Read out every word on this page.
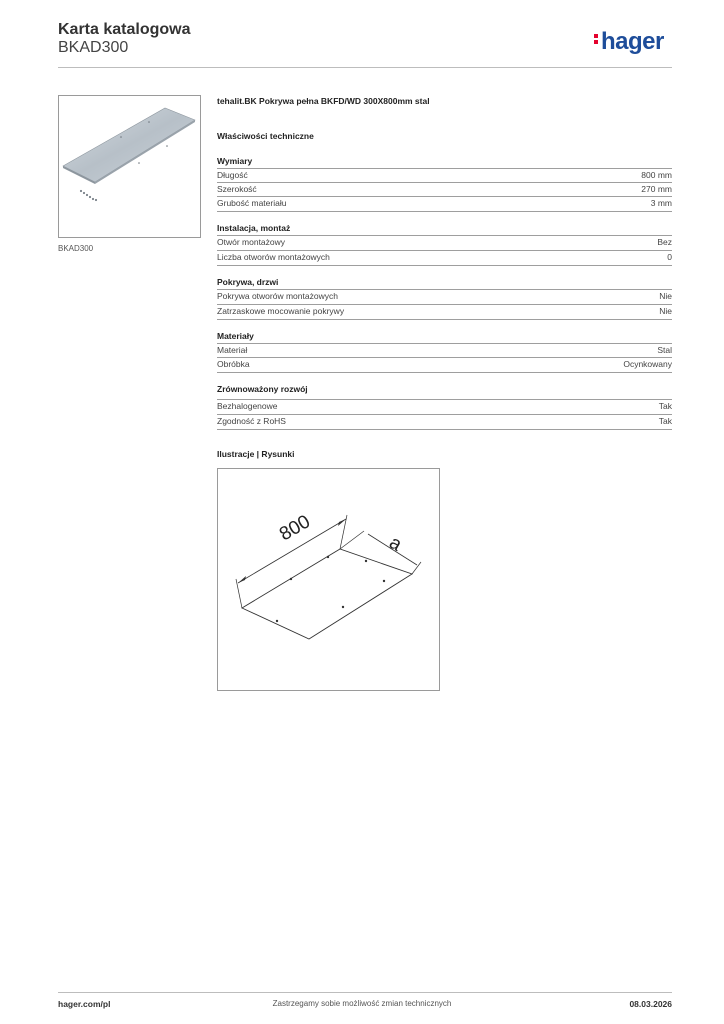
Karta katalogowa
BKAD300	hager
BKAD300
tehalit.BK Pokrywa pełna BKFD/WD 300X800mm stal
Właściwości techniczne
Wymiary
Długość	800 mm
Szerokość	270 mm
Grubość materiału	3 mm
Instalacja, montaż
Otwór montażowy	Bez
Liczba otworów montażowych	0
Pokrywa, drzwi
Pokrywa otworów montażowych	Nie
Zatrzaskowe mocowanie pokrywy	Nie
Materiały
Materiał	Stal
Obróbka	Ocynkowany
Zrównoważony rozwój
Bezhalogenowe	Tak
Zgodność z RoHS	Tak
Ilustracje | Rysunki
800	a
hager.com/pl	Zastrzegamy sobie możliwość zmian technicznych	08.03.2026
